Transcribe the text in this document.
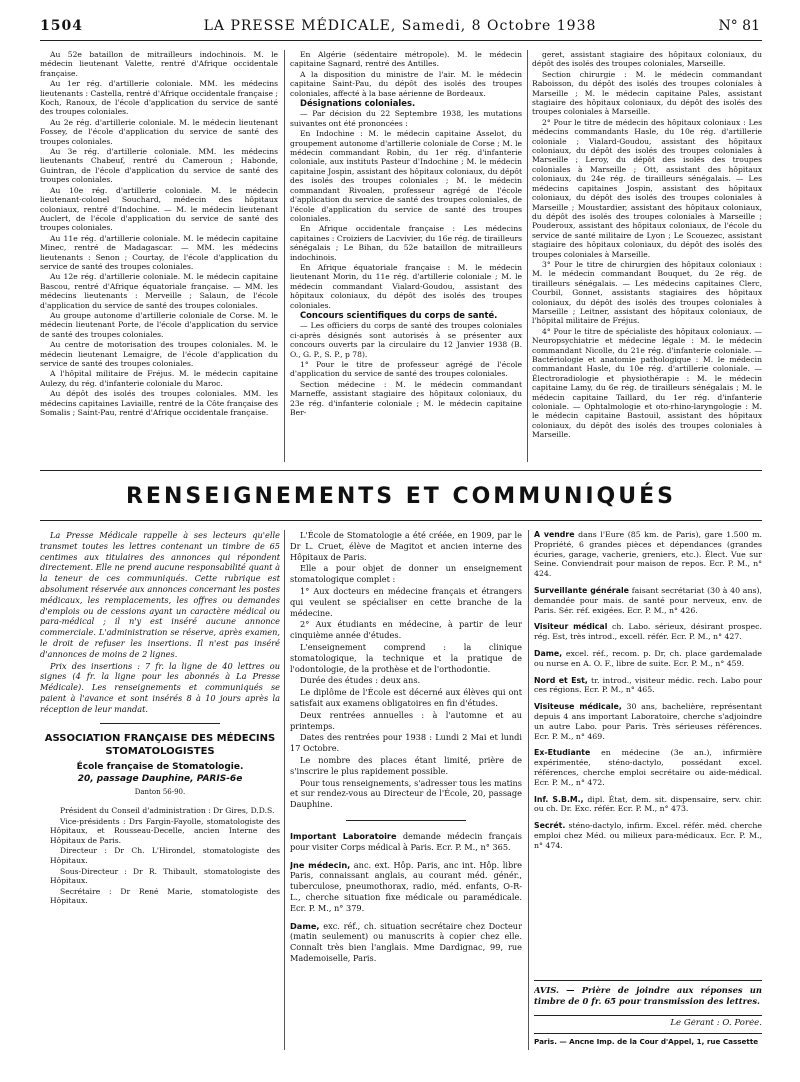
1504	LA PRESSE MÉDICALE, Samedi, 8 Octobre 1938	N° 81

Au 52e bataillon de mitrailleurs indochinois. M. le médecin lieutenant Valette, rentré d'Afrique occidentale française.

Au 1er rég. d'artillerie coloniale. MM. les médecins lieutenants : Castella, rentré d'Afrique occidentale française ; Koch, Ranoux, de l'école d'application du service de santé des troupes coloniales.

Au 2e rég. d'artillerie coloniale. M. le médecin lieutenant Fossey, de l'école d'application du service de santé des troupes coloniales.

Au 3e rég. d'artillerie coloniale. MM. les médecins lieutenants Chabeuf, rentré du Cameroun ; Habonde, Guintran, de l'école d'application du service de santé des troupes coloniales.

Au 10e rég. d'artillerie coloniale. M. le médecin lieutenant-colonel Souchard, médecin des hôpitaux coloniaux, rentré d'Indochine. — M. le médecin lieutenant Auclert, de l'école d'application du service de santé des troupes coloniales.

Au 11e rég. d'artillerie coloniale. M. le médecin capitaine Minec, rentré de Madagascar. — MM. les médecins lieutenants : Senon ; Courtay, de l'école d'application du service de santé des troupes coloniales.

Au 12e rég. d'artillerie coloniale. M. le médecin capitaine Bascou, rentré d'Afrique équatoriale française. — MM. les médecins lieutenants : Merveille ; Salaun, de l'école d'application du service de santé des troupes coloniales.

Au groupe autonome d'artillerie coloniale de Corse. M. le médecin lieutenant Porte, de l'école d'application du service de santé des troupes coloniales.

Au centre de motorisation des troupes coloniales. M. le médecin lieutenant Lemaigre, de l'école d'application du service de santé des troupes coloniales.

A l'hôpital militaire de Fréjus. M. le médecin capitaine Aulezy, du rég. d'infanterie coloniale du Maroc.

Au dépôt des isolés des troupes coloniales. MM. les médecins capitaines Laviaille, rentré de la Côte française des Somalis ; Saint-Pau, rentré d'Afrique occidentale française.

En Algérie (sédentaire métropole). M. le médecin capitaine Sagnard, rentré des Antilles.

A la disposition du ministre de l'air. M. le médecin capitaine Saint-Pau, du dépôt des isolés des troupes coloniales, affecté à la base aérienne de Bordeaux.

Désignations coloniales.

— Par décision du 22 Septembre 1938, les mutations suivantes ont été prononcées :

En Indochine : M. le médecin capitaine Asselot, du groupement autonome d'artillerie coloniale de Corse ; M. le médecin commandant Robin, du 1er rég. d'infanterie coloniale, aux instituts Pasteur d'Indochine ; M. le médecin capitaine Jospin, assistant des hôpitaux coloniaux, du dépôt des isolés des troupes coloniales ; M. le médecin commandant Rivoalen, professeur agrégé de l'école d'application du service de santé des troupes coloniales, de l'école d'application du service de santé des troupes coloniales.

En Afrique occidentale française : Les médecins capitaines : Croiziers de Lacvivier, du 16e rég. de tirailleurs sénégalais ; Le Bihan, du 52e bataillon de mitrailleurs indochinois.

En Afrique équatoriale française : M. le médecin lieutenant Morin, du 11e rég. d'artillerie coloniale ; M. le médecin commandant Vialard-Goudou, assistant des hôpitaux coloniaux, du dépôt des isolés des troupes coloniales.

Concours scientifiques du corps de santé.

— Les officiers du corps de santé des troupes coloniales ci-après désignés sont autorisés à se présenter aux concours ouverts par la circulaire du 12 Janvier 1938 (B. O., G. P., S. P., p 78).

1° Pour le titre de professeur agrégé de l'école d'application du service de santé des troupes coloniales.

Section médecine : M. le médecin commandant Marneffe, assistant stagiaire des hôpitaux coloniaux, du 23e rég. d'infanterie coloniale ; M. le médecin capitaine Ber-

geret, assistant stagiaire des hôpitaux coloniaux, du dépôt des isolés des troupes coloniales, Marseille.

Section chirurgie : M. le médecin commandant Raboisson, du dépôt des isolés des troupes coloniales à Marseille ; M. le médecin capitaine Pales, assistant stagiaire des hôpitaux coloniaux, du dépôt des isolés des troupes coloniales à Marseille.

2° Pour le titre de médecin des hôpitaux coloniaux : Les médecins commandants Hasle, du 10e rég. d'artillerie coloniale ; Vialard-Goudou, assistant des hôpitaux coloniaux, du dépôt des isolés des troupes coloniales à Marseille ; Leroy, du dépôt des isolés des troupes coloniales à Marseille ; Ott, assistant des hôpitaux coloniaux, du 24e rég. de tirailleurs sénégalais. — Les médecins capitaines Jospin, assistant des hôpitaux coloniaux, du dépôt des isolés des troupes coloniales à Marseille ; Moustardier, assistant des hôpitaux coloniaux, du dépôt des isolés des troupes coloniales à Marseille ; Pouderoux, assistant des hôpitaux coloniaux, de l'école du service de santé militaire de Lyon ; Le Scouezec, assistant stagiaire des hôpitaux coloniaux, du dépôt des isolés des troupes coloniales à Marseille.

3° Pour le titre de chirurgien des hôpitaux coloniaux : M. le médecin commandant Bouquet, du 2e rég. de tirailleurs sénégalais. — Les médecins capitaines Clerc, Courbil, Gonnet, assistants stagiaires des hôpitaux coloniaux, du dépôt des isolés des troupes coloniales à Marseille ; Leitner, assistant des hôpitaux coloniaux, de l'hôpital militaire de Fréjus.

4° Pour le titre de spécialiste des hôpitaux coloniaux. — Neuropsychiatrie et médecine légale : M. le médecin commandant Nicolle, du 21e rég. d'infanterie coloniale. — Bactériologie et anatomie pathologique : M. le médecin commandant Hasle, du 10e rég. d'artillerie coloniale. — Électroradiologie et physiothérapie : M. le médecin capitaine Lamy, du 6e rég. de tirailleurs sénégalais ; M. le médecin capitaine Taillard, du 1er rég. d'infanterie coloniale. — Ophtalmologie et oto-rhino-laryngologie : M. le médecin capitaine Bastouil, assistant des hôpitaux coloniaux, du dépôt des isolés des troupes coloniales à Marseille.

RENSEIGNEMENTS ET COMMUNIQUÉS

La Presse Médicale rappelle à ses lecteurs qu'elle transmet toutes les lettres contenant un timbre de 65 centimes aux titulaires des annonces qui répondent directement. Elle ne prend aucune responsabilité quant à la teneur de ces communiqués. Cette rubrique est absolument réservée aux annonces concernant les postes médicaux, les remplacements, les offres ou demandes d'emplois ou de cessions ayant un caractère médical ou para-médical ; il n'y est inséré aucune annonce commerciale. L'administration se réserve, après examen, le droit de refuser les insertions. Il n'est pas inséré d'annonces de moins de 2 lignes.

Prix des insertions : 7 fr. la ligne de 40 lettres ou signes (4 fr. la ligne pour les abonnés à La Presse Médicale). Les renseignements et communiqués se paient à l'avance et sont insérés 8 à 10 jours après la réception de leur mandat.

ASSOCIATION FRANÇAISE DES MÉDECINS STOMATOLOGISTES
École française de Stomatologie.
20, passage Dauphine, PARIS-6e
Danton 56-90.

Président du Conseil d'administration : Dr Gires, D.D.S.

Vice-présidents : Drs Fargin-Fayolle, stomatologiste des Hôpitaux, et Rousseau-Decelle, ancien Interne des Hôpitaux de Paris.

Directeur : Dr Ch. L'Hirondel, stomatologiste des Hôpitaux.

Sous-Directeur : Dr R. Thibault, stomatologiste des Hôpitaux.

Secrétaire : Dr René Marie, stomatologiste des Hôpitaux.

L'École de Stomatologie a été créée, en 1909, par le Dr L. Cruet, élève de Magitot et ancien interne des Hôpitaux de Paris.

Elle a pour objet de donner un enseignement stomatologique complet :

1° Aux docteurs en médecine français et étrangers qui veulent se spécialiser en cette branche de la médecine.

2° Aux étudiants en médecine, à partir de leur cinquième année d'études.

L'enseignement comprend : la clinique stomatologique, la technique et la pratique de l'odontologie, de la prothèse et de l'orthodontie.

Durée des études : deux ans.

Le diplôme de l'École est décerné aux élèves qui ont satisfait aux examens obligatoires en fin d'études.

Deux rentrées annuelles : à l'automne et au printemps.

Dates des rentrées pour 1938 : Lundi 2 Mai et lundi 17 Octobre.

Le nombre des places étant limité, prière de s'inscrire le plus rapidement possible.

Pour tous renseignements, s'adresser tous les matins et sur rendez-vous au Directeur de l'École, 20, passage Dauphine.

Important Laboratoire demande médecin français pour visiter Corps médical à Paris. Ecr. P. M., n° 365.

Jne médecin, anc. ext. Hôp. Paris, anc int. Hôp. libre Paris, connaissant anglais, au courant méd. génér., tuberculose, pneumothorax, radio, méd. enfants, O-R-L., cherche situation fixe médicale ou paramédicale. Ecr. P. M., n° 379.

Dame, exc. réf., ch. situation secrétaire chez Docteur (matin seulement) ou manuscrits à copier chez elle. Connaît très bien l'anglais. Mme Dardignac, 99, rue Mademoiselle, Paris.

A vendre dans l'Eure (85 km. de Paris), gare 1.500 m. Propriété, 6 grandes pièces et dépendances (grandes écuries, garage, vacherie, greniers, etc.). Élect. Vue sur Seine. Conviendrait pour maison de repos. Ecr. P. M., n° 424.

Surveillante générale faisant secrétariat (30 à 40 ans), demandée pour mais. de santé pour nerveux, env. de Paris. Sér. réf. exigées. Ecr. P. M., n° 426.

Visiteur médical ch. Labo. sérieux, désirant prospec. rég. Est, très introd., excell. référ. Ecr. P. M., n° 427.

Dame, excel. réf., recom. p. Dr, ch. place gardemalade ou nurse en A. O. F., libre de suite. Ecr. P. M., n° 459.

Nord et Est, tr. introd., visiteur médic. rech. Labo pour ces régions. Ecr. P. M., n° 465.

Visiteuse médicale, 30 ans, bachelière, représentant depuis 4 ans important Laboratoire, cherche s'adjoindre un autre Labo. pour Paris. Très sérieuses références. Ecr. P. M., n° 469.

Ex-Etudiante en médecine (3e an.), infirmière expérimentée, sténo-dactylo, possédant excel. références, cherche emploi secrétaire ou aide-médical. Ecr. P. M., n° 472.

Inf. S.B.M., dipl. État, dem. sit. dispensaire, serv. chir. ou ch. Dr. Exc. référ. Ecr. P. M., n° 473.

Secrét. sténo-dactylo, infirm. Excel. référ. méd. cherche emploi chez Méd. ou milieux para-médicaux. Ecr. P. M., n° 474.

AVIS. — Prière de joindre aux réponses un timbre de 0 fr. 65 pour transmission des lettres.

Le Gérant : O. Porée.

Paris. — Ancne Imp. de la Cour d'Appel, 1, rue Cassette
